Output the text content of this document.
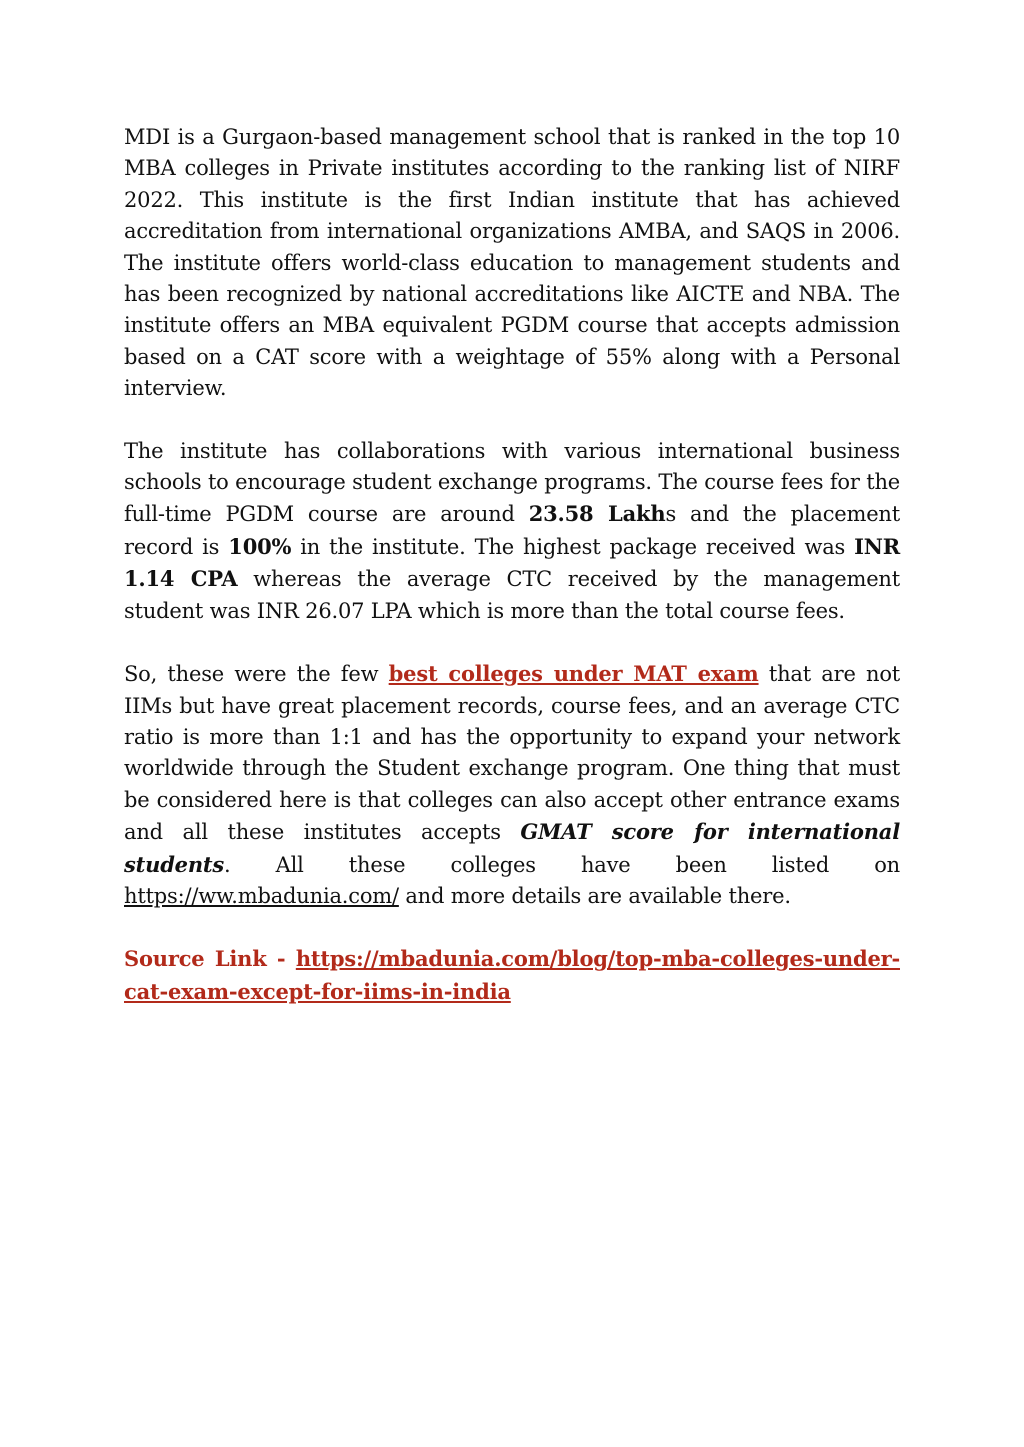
MDI is a Gurgaon-based management school that is ranked in the top 10 MBA colleges in Private institutes according to the ranking list of NIRF 2022. This institute is the first Indian institute that has achieved accreditation from international organizations AMBA, and SAQS in 2006. The institute offers world-class education to management students and has been recognized by national accreditations like AICTE and NBA. The institute offers an MBA equivalent PGDM course that accepts admission based on a CAT score with a weightage of 55% along with a Personal interview.

The institute has collaborations with various international business schools to encourage student exchange programs. The course fees for the full-time PGDM course are around 23.58 Lakhs and the placement record is 100% in the institute. The highest package received was INR 1.14 CPA whereas the average CTC received by the management student was INR 26.07 LPA which is more than the total course fees.

So, these were the few best colleges under MAT exam that are not IIMs but have great placement records, course fees, and an average CTC ratio is more than 1:1 and has the opportunity to expand your network worldwide through the Student exchange program. One thing that must be considered here is that colleges can also accept other entrance exams and all these institutes accepts GMAT score for international students. All these colleges have been listed on https://ww.mbadunia.com/ and more details are available there.

Source Link - https://mbadunia.com/blog/top-mba-colleges-under-cat-exam-except-for-iims-in-india
